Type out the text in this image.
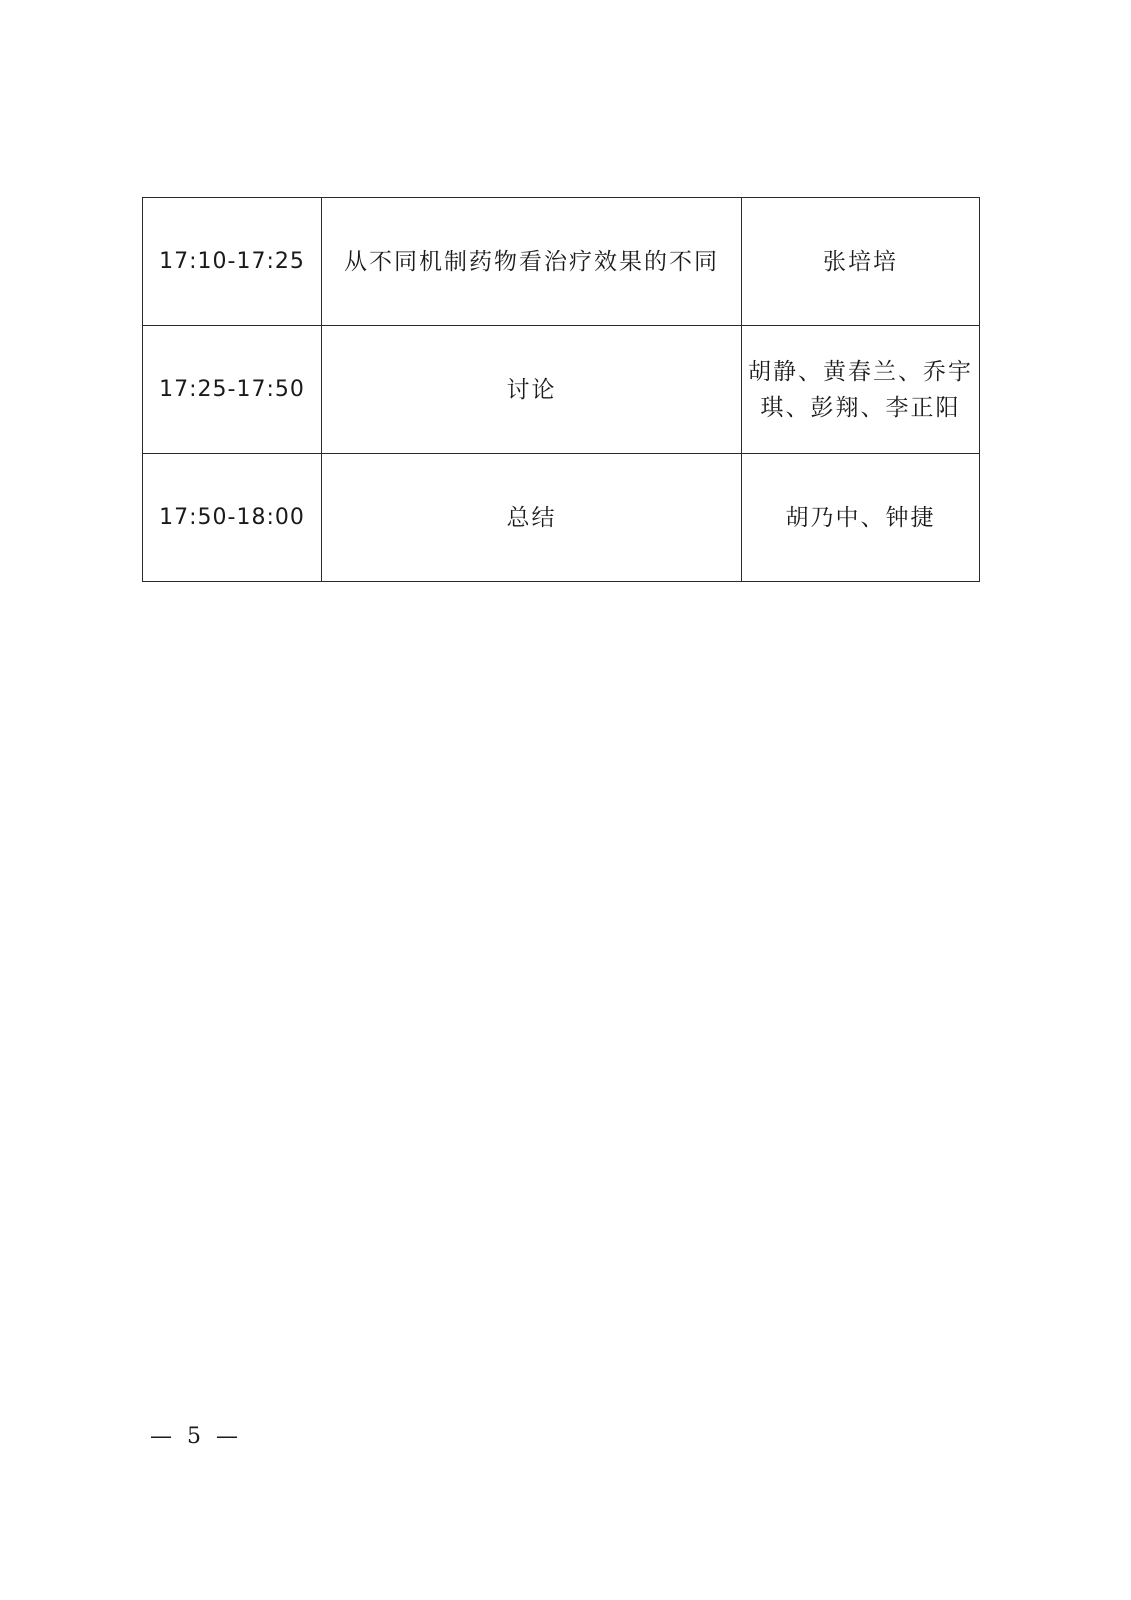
17:10-17:25	从不同机制药物看治疗效果的不同	张培培
17:25-17:50	讨论	胡静、黄春兰、乔宇琪、彭翔、李正阳
17:50-18:00	总结	胡乃中、钟捷
— 5 —
